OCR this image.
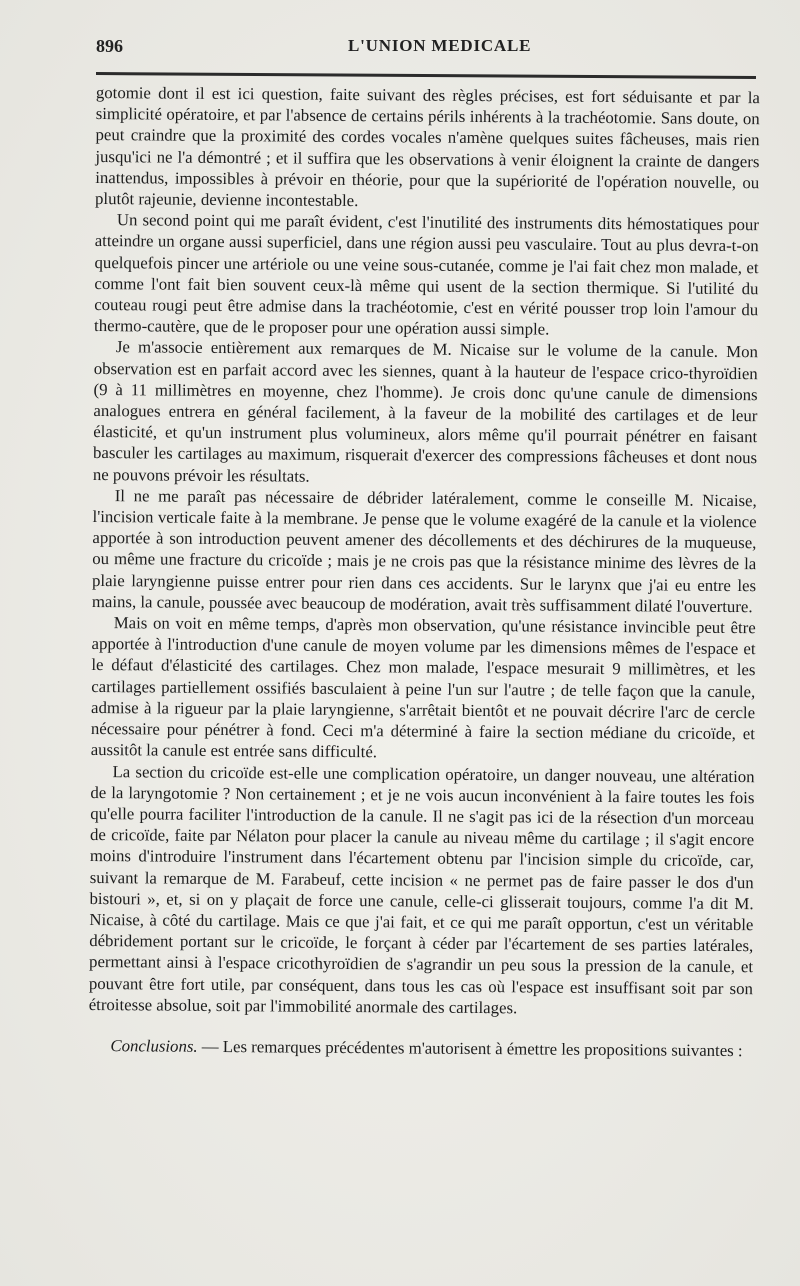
896	L'UNION MEDICALE

gotomie dont il est ici question, faite suivant des règles précises, est fort séduisante et par la simplicité opératoire, et par l'absence de certains périls inhérents à la trachéotomie. Sans doute, on peut craindre que la proximité des cordes vocales n'amène quelques suites fâcheuses, mais rien jusqu'ici ne l'a démontré ; et il suffira que les observations à venir éloignent la crainte de dangers inattendus, impossibles à prévoir en théorie, pour que la supériorité de l'opération nouvelle, ou plutôt rajeunie, devienne incontestable.

Un second point qui me paraît évident, c'est l'inutilité des instruments dits hémostatiques pour atteindre un organe aussi superficiel, dans une région aussi peu vasculaire. Tout au plus devra-t-on quelquefois pincer une artériole ou une veine sous-cutanée, comme je l'ai fait chez mon malade, et comme l'ont fait bien souvent ceux-là même qui usent de la section thermique. Si l'utilité du couteau rougi peut être admise dans la trachéotomie, c'est en vérité pousser trop loin l'amour du thermo-cautère, que de le proposer pour une opération aussi simple.

Je m'associe entièrement aux remarques de M. Nicaise sur le volume de la canule. Mon observation est en parfait accord avec les siennes, quant à la hauteur de l'espace crico-thyroïdien (9 à 11 millimètres en moyenne, chez l'homme). Je crois donc qu'une canule de dimensions analogues entrera en général facilement, à la faveur de la mobilité des cartilages et de leur élasticité, et qu'un instrument plus volumineux, alors même qu'il pourrait pénétrer en faisant basculer les cartilages au maximum, risquerait d'exercer des compressions fâcheuses et dont nous ne pouvons prévoir les résultats.

Il ne me paraît pas nécessaire de débrider latéralement, comme le conseille M. Nicaise, l'incision verticale faite à la membrane. Je pense que le volume exagéré de la canule et la violence apportée à son introduction peuvent amener des décollements et des déchirures de la muqueuse, ou même une fracture du cricoïde ; mais je ne crois pas que la résistance minime des lèvres de la plaie laryngienne puisse entrer pour rien dans ces accidents. Sur le larynx que j'ai eu entre les mains, la canule, poussée avec beaucoup de modération, avait très suffisamment dilaté l'ouverture.

Mais on voit en même temps, d'après mon observation, qu'une résistance invincible peut être apportée à l'introduction d'une canule de moyen volume par les dimensions mêmes de l'espace et le défaut d'élasticité des cartilages. Chez mon malade, l'espace mesurait 9 millimètres, et les cartilages partiellement ossifiés basculaient à peine l'un sur l'autre ; de telle façon que la canule, admise à la rigueur par la plaie laryngienne, s'arrêtait bientôt et ne pouvait décrire l'arc de cercle nécessaire pour pénétrer à fond. Ceci m'a déterminé à faire la section médiane du cricoïde, et aussitôt la canule est entrée sans difficulté.

La section du cricoïde est-elle une complication opératoire, un danger nouveau, une altération de la laryngotomie ? Non certainement ; et je ne vois aucun inconvénient à la faire toutes les fois qu'elle pourra faciliter l'introduction de la canule. Il ne s'agit pas ici de la résection d'un morceau de cricoïde, faite par Nélaton pour placer la canule au niveau même du cartilage ; il s'agit encore moins d'introduire l'instrument dans l'écartement obtenu par l'incision simple du cricoïde, car, suivant la remarque de M. Farabeuf, cette incision « ne permet pas de faire passer le dos d'un bistouri », et, si on y plaçait de force une canule, celle-ci glisserait toujours, comme l'a dit M. Nicaise, à côté du cartilage. Mais ce que j'ai fait, et ce qui me paraît opportun, c'est un véritable débridement portant sur le cricoïde, le forçant à céder par l'écartement de ses parties latérales, permettant ainsi à l'espace cricothyroïdien de s'agrandir un peu sous la pression de la canule, et pouvant être fort utile, par conséquent, dans tous les cas où l'espace est insuffisant soit par son étroitesse absolue, soit par l'immobilité anormale des cartilages.

Conclusions. — Les remarques précédentes m'autorisent à émettre les propositions suivantes :
